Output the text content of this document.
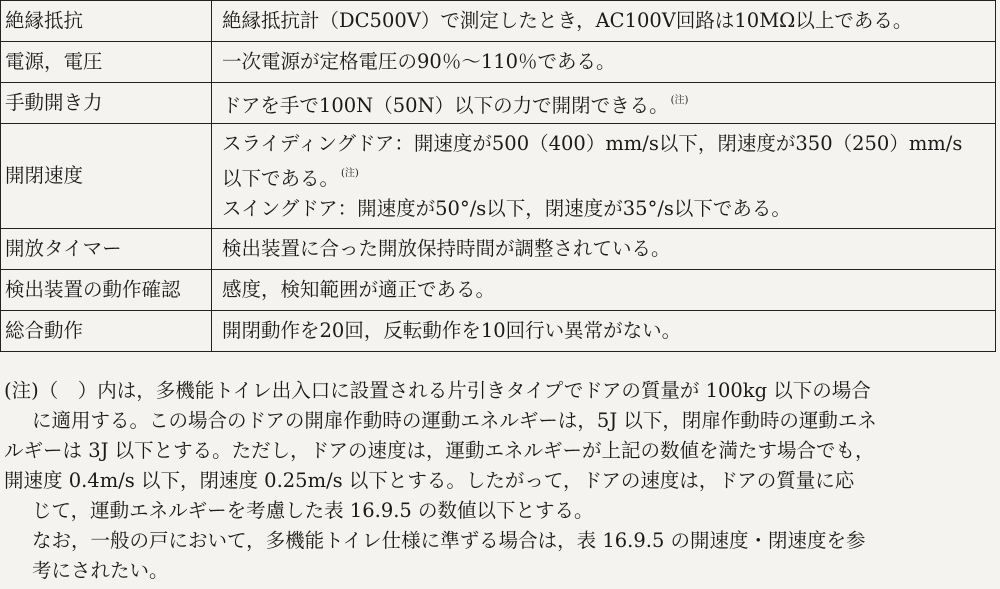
絶縁抵抗	絶縁抵抗計（DC500V）で測定したとき，AC100V回路は10MΩ以上である。
電源，電圧	一次電源が定格電圧の90％～110％である。
手動開き力	ドアを手で100N（50N）以下の力で開閉できる。 $^{(注)}$
開閉速度	スライディングドア：開速度が500（400）mm/s以下，閉速度が350（250）mm/s
以下である。 $^{(注)}$
スイングドア：開速度が50°/s以下，閉速度が35°/s以下である。

開放タイマー	検出装置に合った開放保持時間が調整されている。
検出装置の動作確認	感度，検知範囲が適正である。
総合動作	開閉動作を20回，反転動作を10回行い異常がない。
(注)（　）内は，多機能トイレ出入口に設置される片引きタイプでドアの質量が 100kg 以下の場合
に適用する。この場合のドアの開扉作動時の運動エネルギーは，5J 以下，閉扉作動時の運動エネ
ルギーは 3J 以下とする。ただし，ドアの速度は，運動エネルギーが上記の数値を満たす場合でも，
開速度 0.4m/s 以下，閉速度 0.25m/s 以下とする。したがって，ドアの速度は，ドアの質量に応
じて，運動エネルギーを考慮した表 16.9.5 の数値以下とする。
なお，一般の戸において，多機能トイレ仕様に準ずる場合は，表 16.9.5 の開速度・閉速度を参
考にされたい。
